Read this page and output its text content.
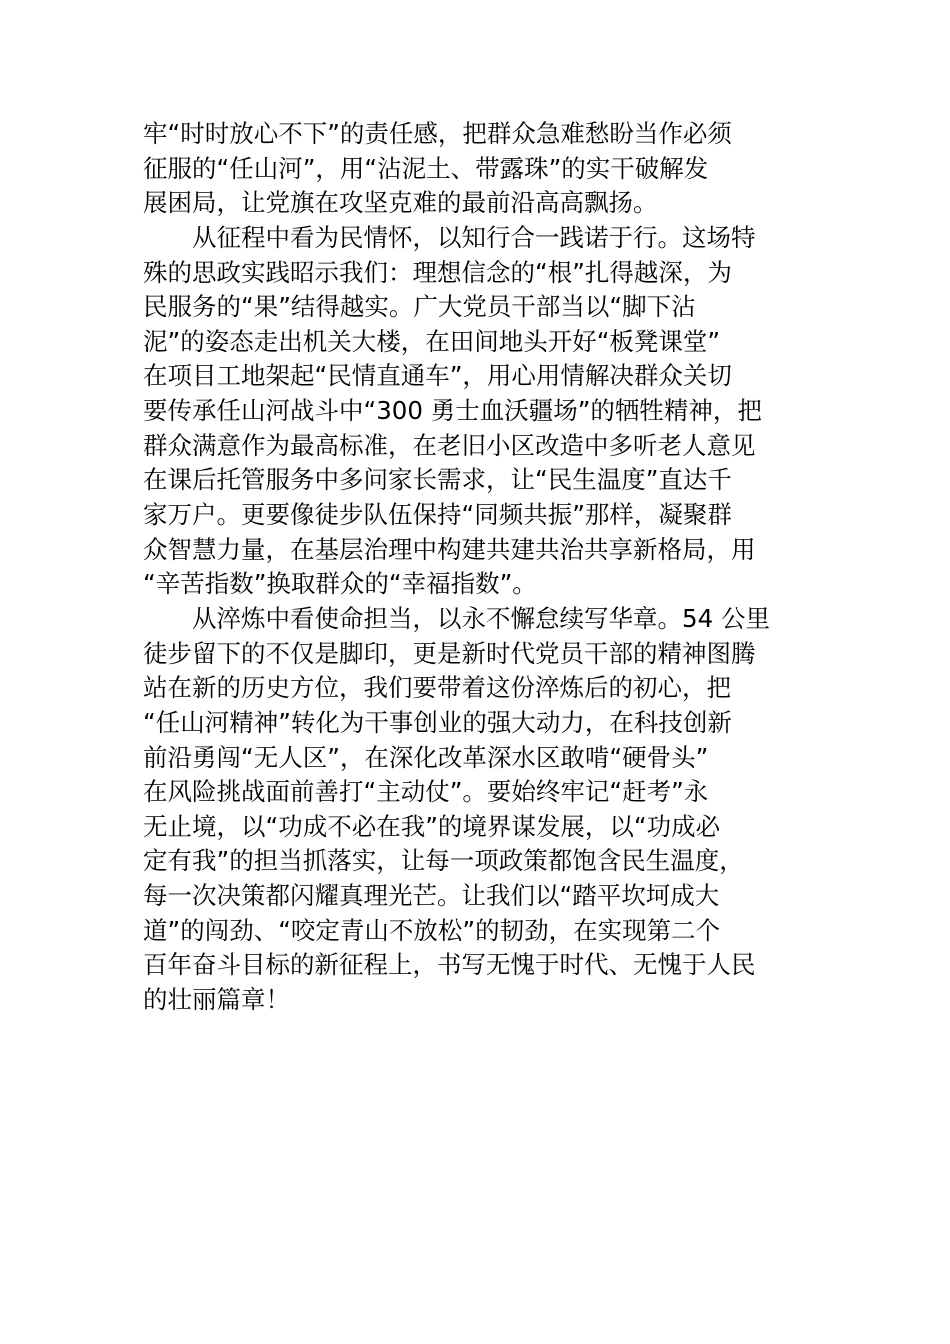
牢“时时放心不下”的责任感，把群众急难愁盼当作必须
征服的“任山河”，用“沾泥土、带露珠”的实干破解发
展困局，让党旗在攻坚克难的最前沿高高飘扬。
从征程中看为民情怀，以知行合一践诺于行。这场特
殊的思政实践昭示我们：理想信念的“根”扎得越深，为
民服务的“果”结得越实。广大党员干部当以“脚下沾
泥”的姿态走出机关大楼，在田间地头开好“板凳课堂”
在项目工地架起“民情直通车”，用心用情解决群众关切
要传承任山河战斗中“300 勇士血沃疆场”的牺牲精神，把
群众满意作为最高标准，在老旧小区改造中多听老人意见
在课后托管服务中多问家长需求，让“民生温度”直达千
家万户。更要像徒步队伍保持“同频共振”那样，凝聚群
众智慧力量，在基层治理中构建共建共治共享新格局，用
“辛苦指数”换取群众的“幸福指数”。
从淬炼中看使命担当，以永不懈怠续写华章。54 公里
徒步留下的不仅是脚印，更是新时代党员干部的精神图腾
站在新的历史方位，我们要带着这份淬炼后的初心，把
“任山河精神”转化为干事创业的强大动力，在科技创新
前沿勇闯“无人区”，在深化改革深水区敢啃“硬骨头”
在风险挑战面前善打“主动仗”。要始终牢记“赶考”永
无止境，以“功成不必在我”的境界谋发展，以“功成必
定有我”的担当抓落实，让每一项政策都饱含民生温度，
每一次决策都闪耀真理光芒。让我们以“踏平坎坷成大
道”的闯劲、“咬定青山不放松”的韧劲，在实现第二个
百年奋斗目标的新征程上，书写无愧于时代、无愧于人民
的壮丽篇章！
